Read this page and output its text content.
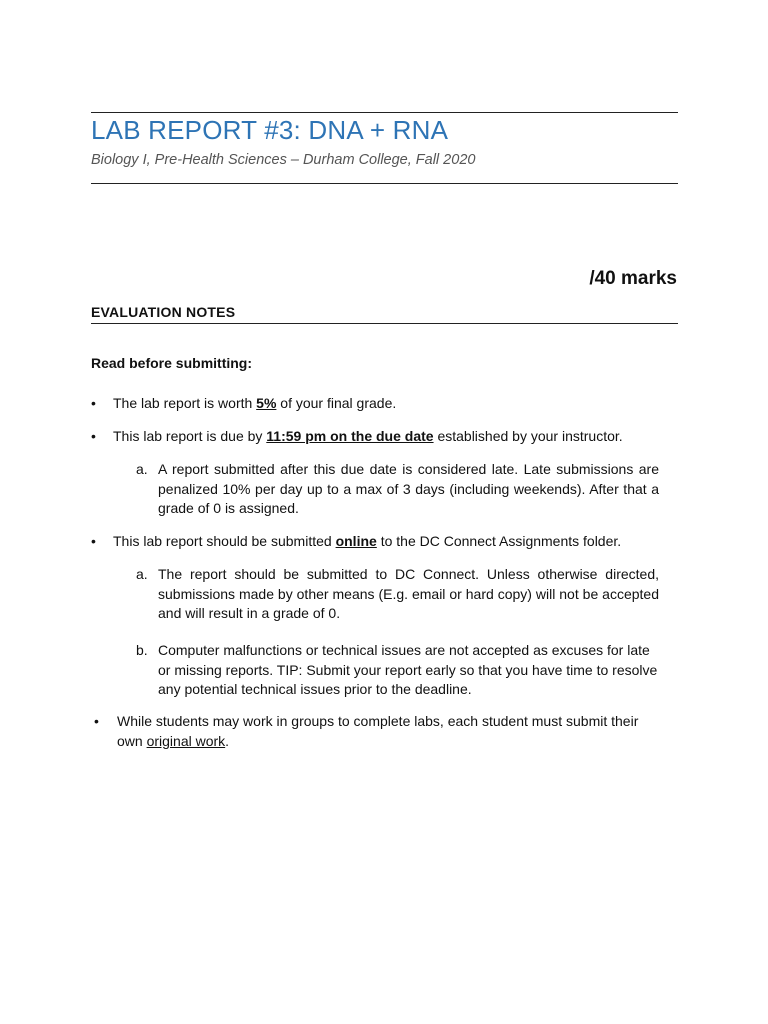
LAB REPORT #3: DNA + RNA
Biology I, Pre-Health Sciences – Durham College, Fall 2020
/40 marks
EVALUATION NOTES
Read before submitting:
• The lab report is worth 5% of your final grade.
• This lab report is due by 11:59 pm on the due date established by your instructor.
a. A report submitted after this due date is considered late. Late submissions are penalized 10% per day up to a max of 3 days (including weekends). After that a grade of 0 is assigned.
• This lab report should be submitted online to the DC Connect Assignments folder.
a. The report should be submitted to DC Connect. Unless otherwise directed, submissions made by other means (E.g. email or hard copy) will not be accepted and will result in a grade of 0.
b. Computer malfunctions or technical issues are not accepted as excuses for late or missing reports. TIP: Submit your report early so that you have time to resolve any potential technical issues prior to the deadline.
• While students may work in groups to complete labs, each student must submit their own original work.
